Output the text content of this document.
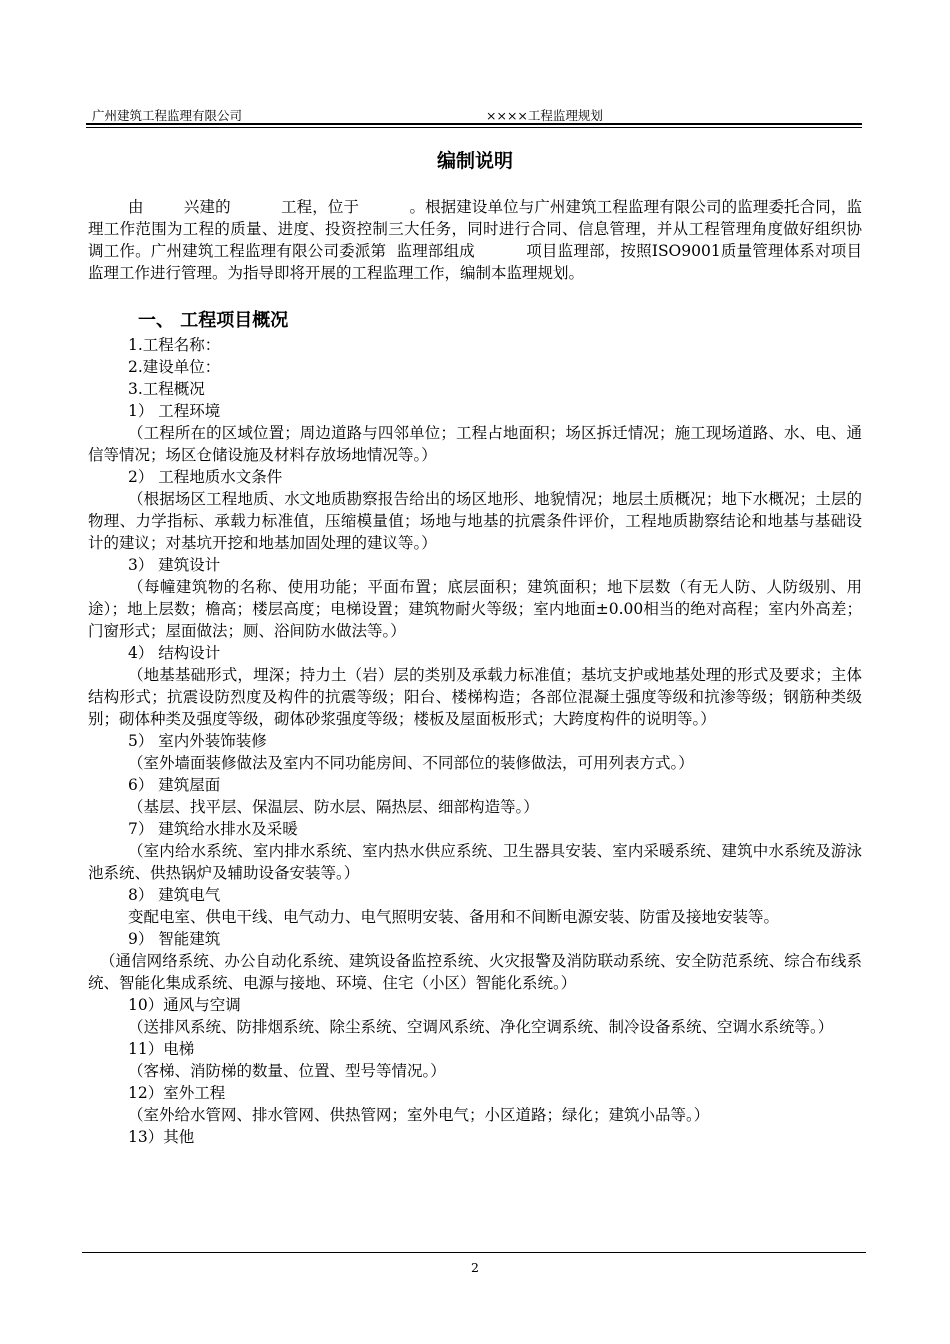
广州建筑工程监理有限公司	××××工程监理规划
编制说明

由        兴建的          工程，位于          。根据建设单位与广州建筑工程监理有限公司的监理委托合同，监理工作范围为工程的质量、进度、投资控制三大任务，同时进行合同、信息管理，并从工程管理角度做好组织协调工作。广州建筑工程监理有限公司委派第  监理部组成          项目监理部，按照ISO9001质量管理体系对项目监理工作进行管理。为指导即将开展的工程监理工作，编制本监理规划。

一、 工程项目概况

1.工程名称：

2.建设单位：

3.工程概况

1） 工程环境

（工程所在的区域位置；周边道路与四邻单位；工程占地面积；场区拆迁情况；施工现场道路、水、电、通信等情况；场区仓储设施及材料存放场地情况等。）

2） 工程地质水文条件

（根据场区工程地质、水文地质勘察报告给出的场区地形、地貌情况；地层土质概况；地下水概况；土层的物理、力学指标、承载力标准值，压缩模量值；场地与地基的抗震条件评价，工程地质勘察结论和地基与基础设计的建议；对基坑开挖和地基加固处理的建议等。）

3） 建筑设计

（每幢建筑物的名称、使用功能；平面布置；底层面积；建筑面积；地下层数（有无人防、人防级别、用途）；地上层数；檐高；楼层高度；电梯设置；建筑物耐火等级；室内地面±0.00相当的绝对高程；室内外高差；门窗形式；屋面做法；厕、浴间防水做法等。）

4） 结构设计

（地基基础形式，埋深；持力土（岩）层的类别及承载力标准值；基坑支护或地基处理的形式及要求；主体结构形式；抗震设防烈度及构件的抗震等级；阳台、楼梯构造；各部位混凝土强度等级和抗渗等级；钢筋种类级别；砌体种类及强度等级，砌体砂浆强度等级；楼板及屋面板形式；大跨度构件的说明等。）

5） 室内外装饰装修

（室外墙面装修做法及室内不同功能房间、不同部位的装修做法，可用列表方式。）

6） 建筑屋面

（基层、找平层、保温层、防水层、隔热层、细部构造等。）

7） 建筑给水排水及采暖

（室内给水系统、室内排水系统、室内热水供应系统、卫生器具安装、室内采暖系统、建筑中水系统及游泳池系统、供热锅炉及辅助设备安装等。）

8） 建筑电气

变配电室、供电干线、电气动力、电气照明安装、备用和不间断电源安装、防雷及接地安装等。

9） 智能建筑

（通信网络系统、办公自动化系统、建筑设备监控系统、火灾报警及消防联动系统、安全防范系统、综合布线系统、智能化集成系统、电源与接地、环境、住宅（小区）智能化系统。）

10）通风与空调

（送排风系统、防排烟系统、除尘系统、空调风系统、净化空调系统、制冷设备系统、空调水系统等。）

11）电梯

（客梯、消防梯的数量、位置、型号等情况。）

12）室外工程

（室外给水管网、排水管网、供热管网；室外电气；小区道路；绿化；建筑小品等。）

13）其他

2
